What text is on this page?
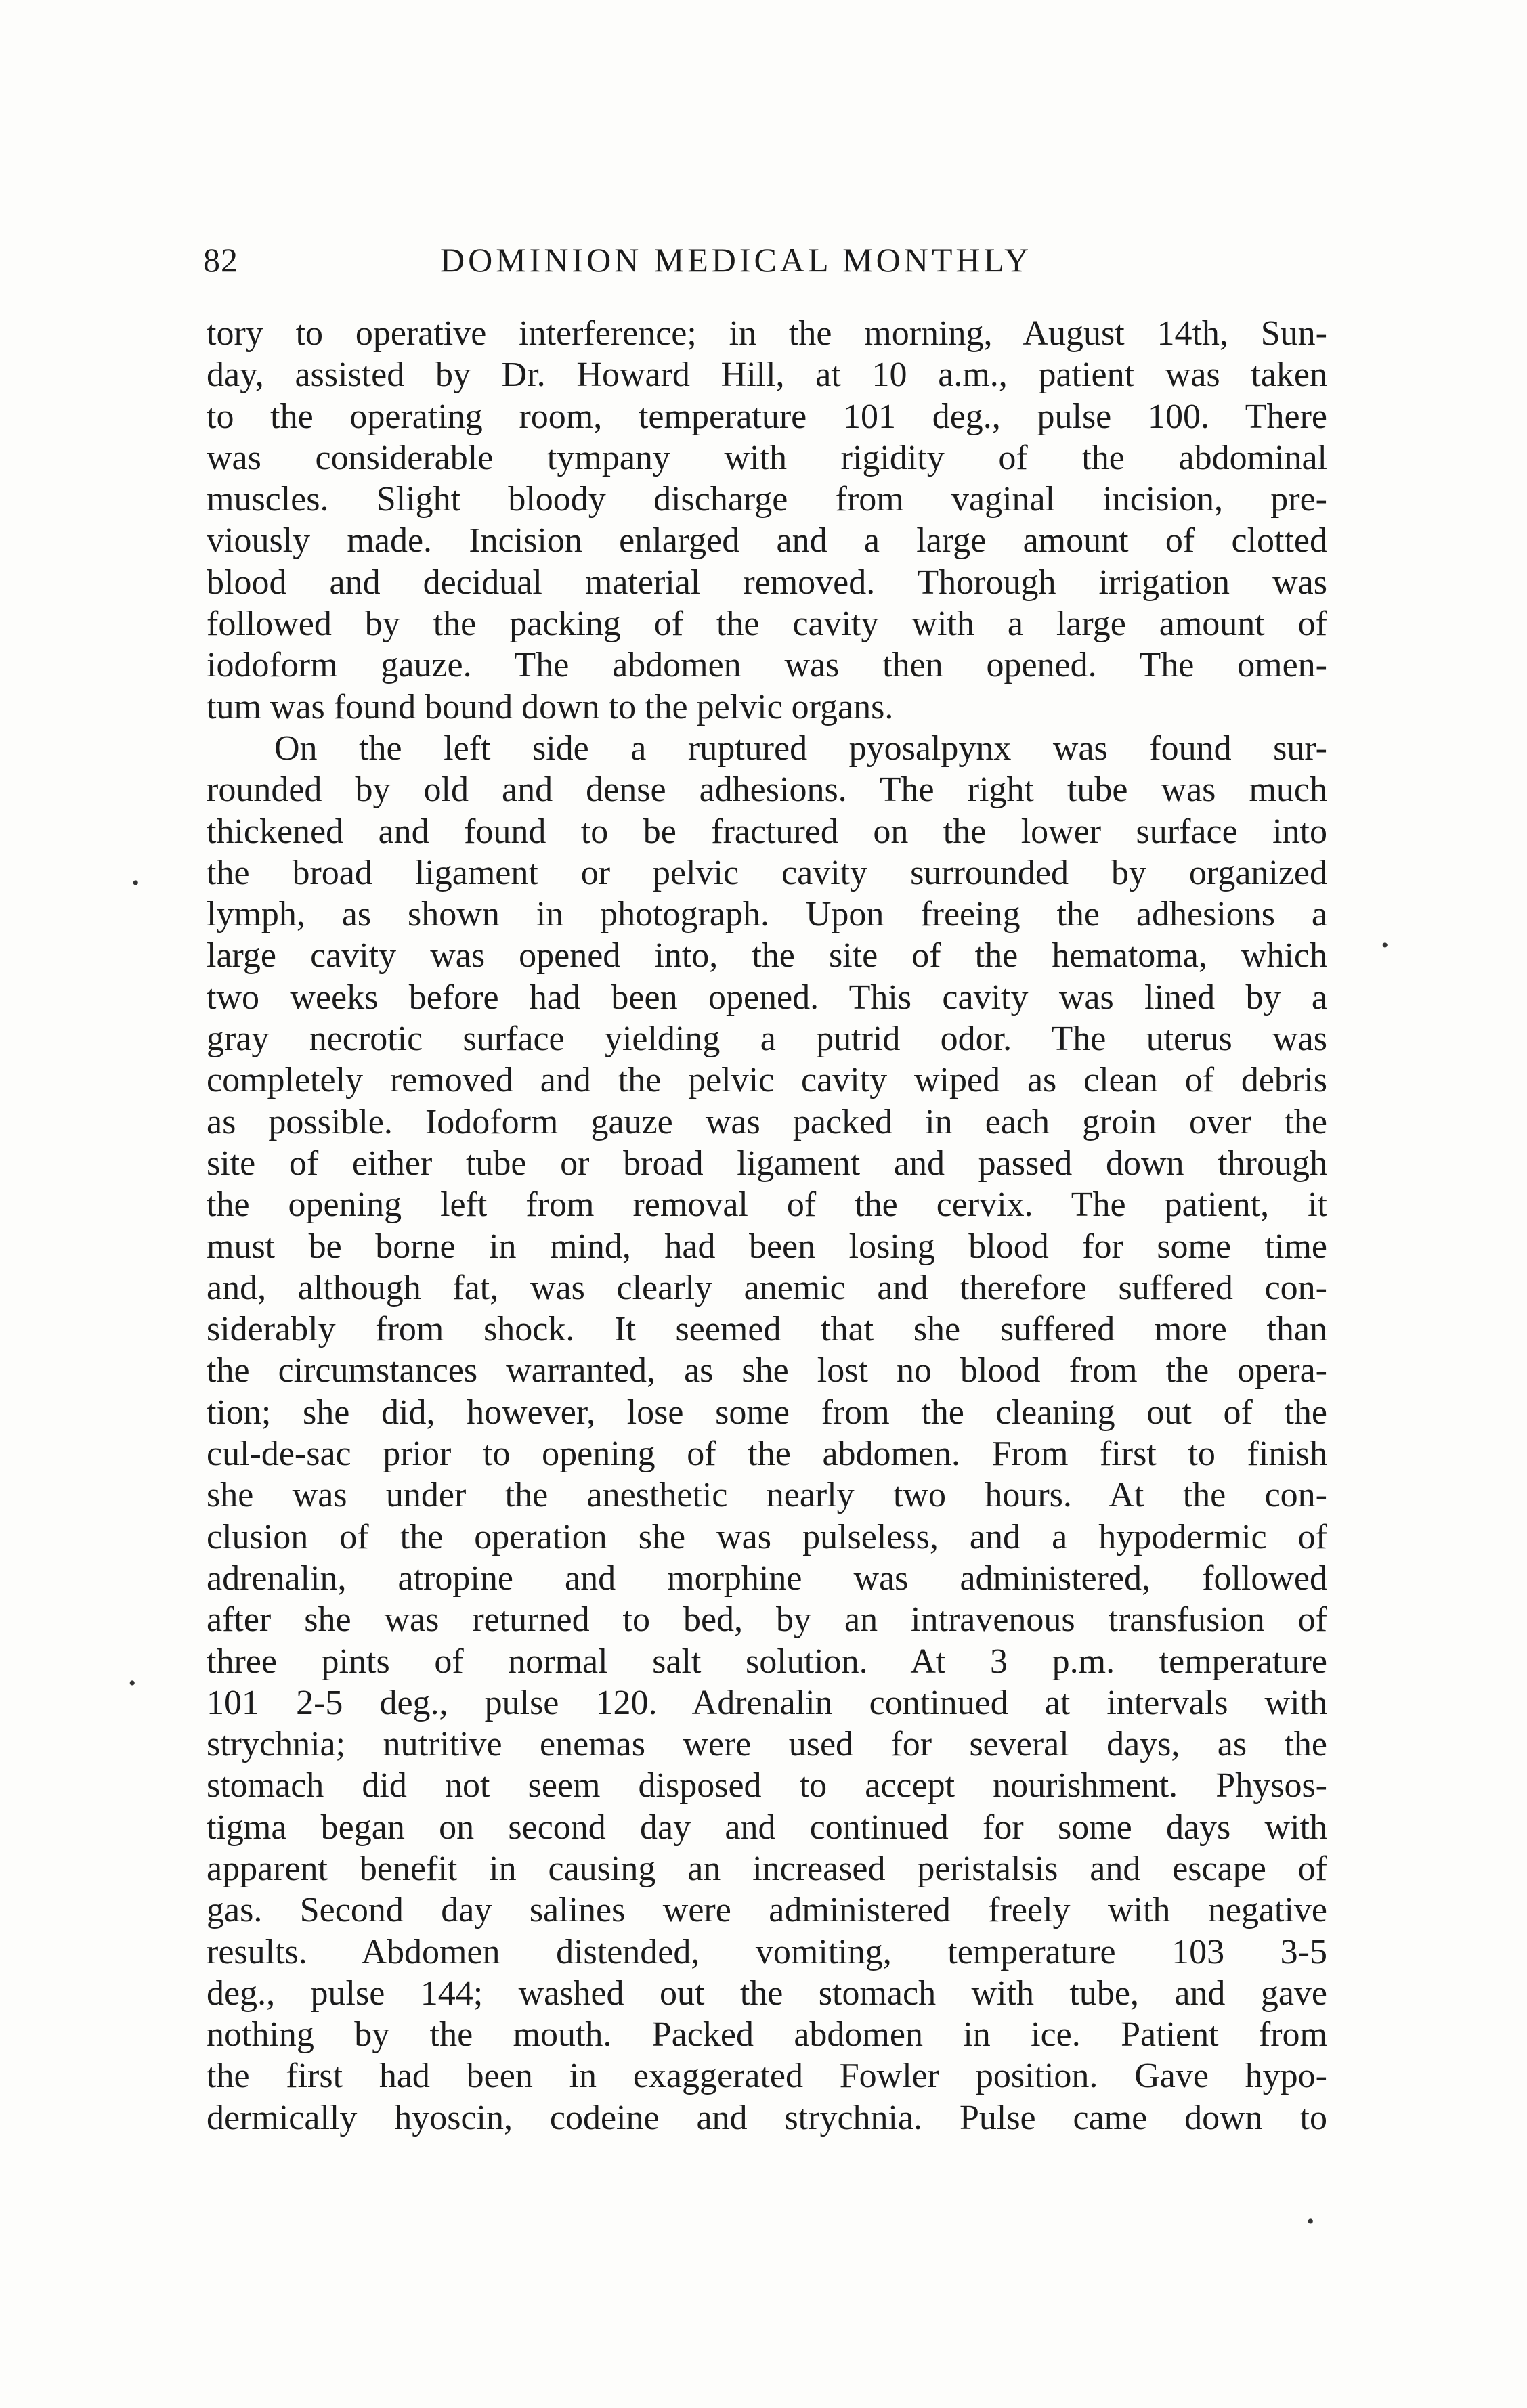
82	DOMINION MEDICAL MONTHLY
tory to operative interference; in the morning, August 14th, Sun-
day, assisted by Dr. Howard Hill, at 10 a.m., patient was taken
to the operating room, temperature 101 deg., pulse 100. There
was considerable tympany with rigidity of the abdominal
muscles. Slight bloody discharge from vaginal incision, pre-
viously made. Incision enlarged and a large amount of clotted
blood and decidual material removed. Thorough irrigation was
followed by the packing of the cavity with a large amount of
iodoform gauze. The abdomen was then opened. The omen-
tum was found bound down to the pelvic organs.
On the left side a ruptured pyosalpynx was found sur-
rounded by old and dense adhesions. The right tube was much
thickened and found to be fractured on the lower surface into
the broad ligament or pelvic cavity surrounded by organized
lymph, as shown in photograph. Upon freeing the adhesions a
large cavity was opened into, the site of the hematoma, which
two weeks before had been opened. This cavity was lined by a
gray necrotic surface yielding a putrid odor. The uterus was
completely removed and the pelvic cavity wiped as clean of debris
as possible. Iodoform gauze was packed in each groin over the
site of either tube or broad ligament and passed down through
the opening left from removal of the cervix. The patient, it
must be borne in mind, had been losing blood for some time
and, although fat, was clearly anemic and therefore suffered con-
siderably from shock. It seemed that she suffered more than
the circumstances warranted, as she lost no blood from the opera-
tion; she did, however, lose some from the cleaning out of the
cul-de-sac prior to opening of the abdomen. From first to finish
she was under the anesthetic nearly two hours. At the con-
clusion of the operation she was pulseless, and a hypodermic of
adrenalin, atropine and morphine was administered, followed
after she was returned to bed, by an intravenous transfusion of
three pints of normal salt solution. At 3 p.m. temperature
101 2-5 deg., pulse 120. Adrenalin continued at intervals with
strychnia; nutritive enemas were used for several days, as the
stomach did not seem disposed to accept nourishment. Physos-
tigma began on second day and continued for some days with
apparent benefit in causing an increased peristalsis and escape of
gas. Second day salines were administered freely with negative
results. Abdomen distended, vomiting, temperature 103 3-5
deg., pulse 144; washed out the stomach with tube, and gave
nothing by the mouth. Packed abdomen in ice. Patient from
the first had been in exaggerated Fowler position. Gave hypo-
dermically hyoscin, codeine and strychnia. Pulse came down to
•
•
•
•
